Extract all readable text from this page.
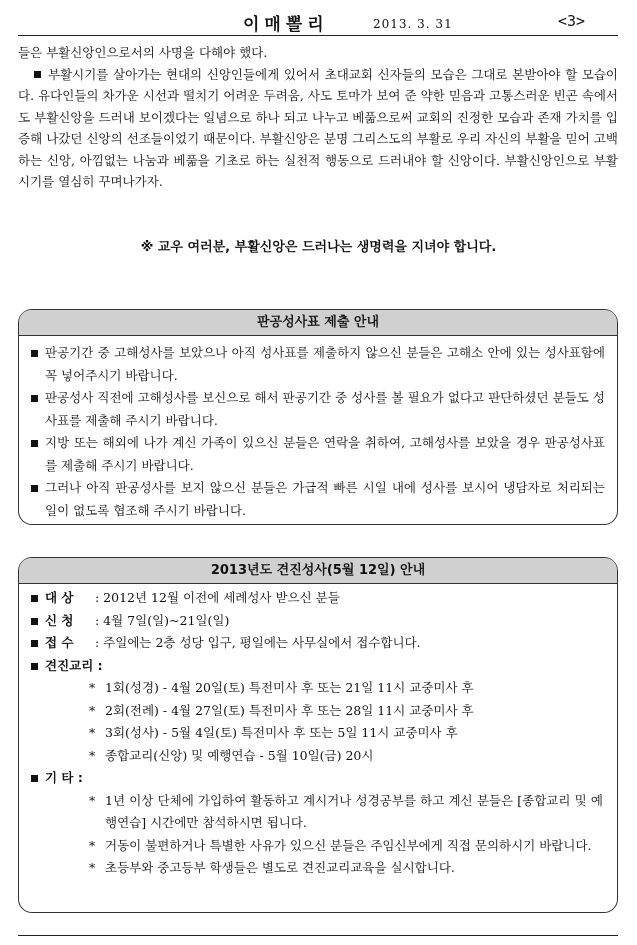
이매뽈리	2013. 3. 31	<3>

들은 부활신앙인으로서의 사명을 다해야 했다.

부활시기를 살아가는 현대의 신앙인들에게 있어서 초대교회 신자들의 모습은 그대로 본받아야 할 모습이다. 유다인들의 차가운 시선과 떨치기 어려운 두려움, 사도 토마가 보여 준 약한 믿음과 고통스러운 빈곤 속에서도 부활신앙을 드러내 보이겠다는 일념으로 하나 되고 나누고 베풂으로써 교회의 진정한 모습과 존재 가치를 입증해 나갔던 신앙의 선조들이었기 때문이다. 부활신앙은 분명 그리스도의 부활로 우리 자신의 부활을 믿어 고백하는 신앙, 아낌없는 나눔과 베풂을 기초로 하는 실천적 행동으로 드러내야 할 신앙이다. 부활신앙인으로 부활시기를 열심히 꾸며나가자.

※ 교우 여러분, 부활신앙은 드러나는 생명력을 지녀야 합니다.
판공성사표 제출 안내
판공기간 중 고해성사를 보았으나 아직 성사표를 제출하지 않으신 분들은 고해소 안에 있는 성사표함에 꼭 넣어주시기 바랍니다.
판공성사 직전에 고해성사를 보신으로 해서 판공기간 중 성사를 볼 필요가 없다고 판단하셨던 분들도 성사표를 제출해 주시기 바랍니다.
지방 또는 해외에 나가 계신 가족이 있으신 분들은 연락을 취하여, 고해성사를 보았을 경우 판공성사표를 제출해 주시기 바랍니다.
그러나 아직 판공성사를 보지 않으신 분들은 가급적 빠른 시일 내에 성사를 보시어 냉담자로 처리되는 일이 없도록 협조해 주시기 바랍니다.
2013년도 견진성사(5월 12일) 안내
대 상 : 2012년 12월 이전에 세례성사 받으신 분들
신 청 : 4월 7일(일)~21일(일)
접 수 : 주일에는 2층 성당 입구, 평일에는 사무실에서 접수합니다.
견진교리 :
* 1회(성경) - 4월 20일(토) 특전미사 후 또는 21일 11시 교중미사 후
* 2회(전례) - 4월 27일(토) 특전미사 후 또는 28일 11시 교중미사 후
* 3회(성사) - 5월 4일(토) 특전미사 후 또는 5일 11시 교중미사 후
* 종합교리(신앙) 및 예행연습 - 5월 10일(금) 20시
기 타 :
* 1년 이상 단체에 가입하여 활동하고 계시거나 성경공부를 하고 계신 분들은 [종합교리 및 예행연습] 시간에만 참석하시면 됩니다.
* 거동이 불편하거나 특별한 사유가 있으신 분들은 주임신부에게 직접 문의하시기 바랍니다.
* 초등부와 중고등부 학생들은 별도로 견진교리교육을 실시합니다.
